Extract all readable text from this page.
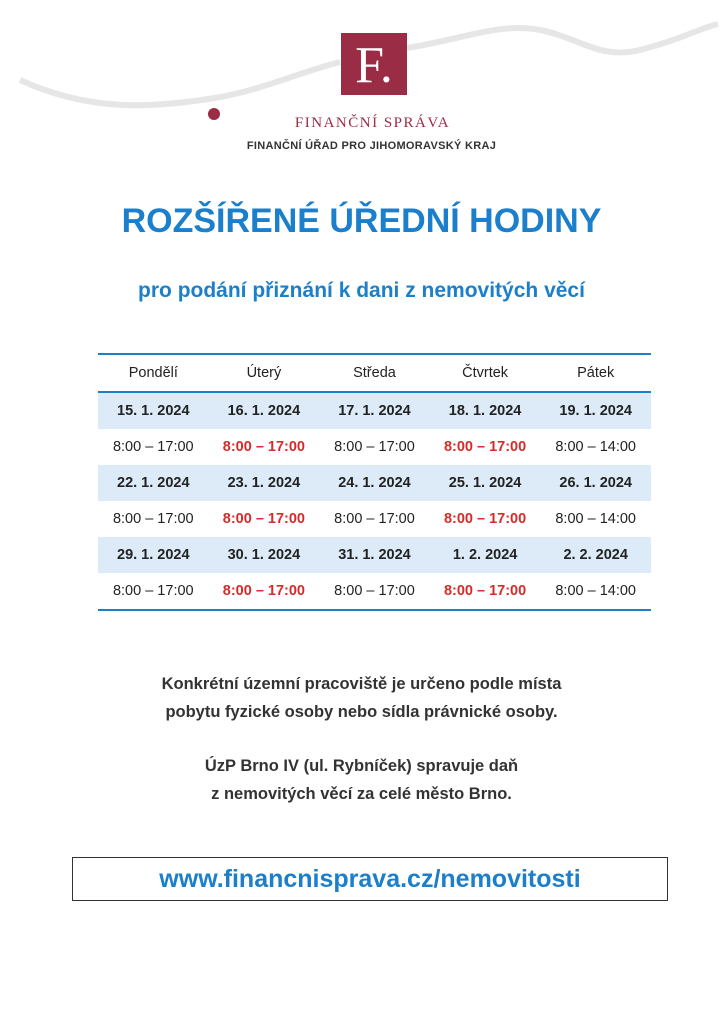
F.
FINANČNÍ SPRÁVA
FINANČNÍ ÚŘAD PRO JIHOMORAVSKÝ KRAJ
ROZŠÍŘENÉ ÚŘEDNÍ HODINY
pro podání přiznání k dani z nemovitých věcí
Pondělí	Úterý	Středa	Čtvrtek	Pátek
15. 1. 2024	16. 1. 2024	17. 1. 2024	18. 1. 2024	19. 1. 2024
8:00 – 17:00	8:00 – 17:00	8:00 – 17:00	8:00 – 17:00	8:00 – 14:00
22. 1. 2024	23. 1. 2024	24. 1. 2024	25. 1. 2024	26. 1. 2024
8:00 – 17:00	8:00 – 17:00	8:00 – 17:00	8:00 – 17:00	8:00 – 14:00
29. 1. 2024	30. 1. 2024	31. 1. 2024	1. 2. 2024	2. 2. 2024
8:00 – 17:00	8:00 – 17:00	8:00 – 17:00	8:00 – 17:00	8:00 – 14:00
Konkrétní územní pracoviště je určeno podle místa
pobytu fyzické osoby nebo sídla právnické osoby.
ÚzP Brno IV (ul. Rybníček) spravuje daň
z nemovitých věcí za celé město Brno.
www.financnisprava.cz/nemovitosti
